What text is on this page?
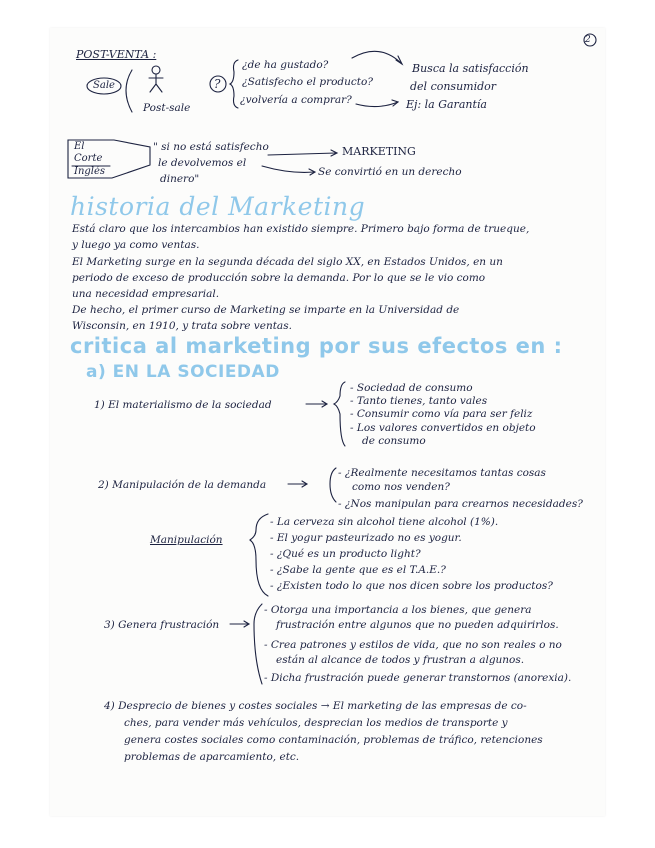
2
POST-VENTA :
Sale
Post-sale
?
¿de ha gustado?
¿Satisfecho el producto?
¿volvería a comprar?
Busca la satisfacción
del consumidor
Ej: la Garantía
El
Corte
Inglés
" si no está satisfecho
le devolvemos el
dinero"
MARKETING
Se convirtió en un derecho
historia del Marketing
Está claro que los intercambios han existido siempre. Primero bajo forma de trueque,
y luego ya como ventas.
El Marketing surge en la segunda década del siglo XX, en Estados Unidos, en un
periodo de exceso de producción sobre la demanda. Por lo que se le vio como
una necesidad empresarial.
De hecho, el primer curso de Marketing se imparte en la Universidad de
Wisconsin, en 1910, y trata sobre ventas.
critica al marketing por sus efectos en :
a) EN LA SOCIEDAD
1) El materialismo de la sociedad
- Sociedad de consumo
- Tanto tienes, tanto vales
- Consumir como vía para ser feliz
- Los valores convertidos en objeto
de consumo
2) Manipulación de la demanda
- ¿Realmente necesitamos tantas cosas
como nos venden?
- ¿Nos manipulan para crearnos necesidades?
Manipulación
- La cerveza sin alcohol tiene alcohol (1%).
- El yogur pasteurizado no es yogur.
- ¿Qué es un producto light?
- ¿Sabe la gente que es el T.A.E.?
- ¿Existen todo lo que nos dicen sobre los productos?
3) Genera frustración
- Otorga una importancia a los bienes, que genera
frustración entre algunos que no pueden adquirirlos.
- Crea patrones y estilos de vida, que no son reales o no
están al alcance de todos y frustran a algunos.
- Dicha frustración puede generar transtornos (anorexia).
4) Desprecio de bienes y costes sociales → El marketing de las empresas de co-
ches, para vender más vehículos, desprecian los medios de transporte y
genera costes sociales como contaminación, problemas de tráfico, retenciones
problemas de aparcamiento, etc.
